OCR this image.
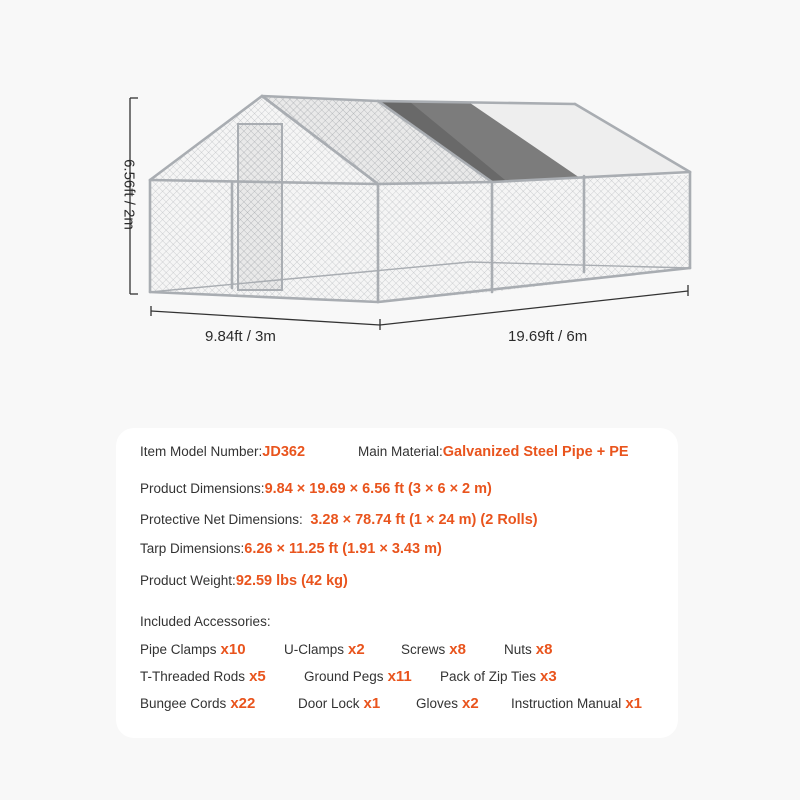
6.56ft / 2m
9.84ft / 3m	19.69ft / 6m
Item Model Number:JD362	Main Material:Galvanized Steel Pipe + PE
Product Dimensions:9.84 × 19.69 × 6.56 ft (3 × 6 × 2 m)
Protective Net Dimensions: 3.28 × 78.74 ft (1 × 24 m) (2 Rolls)
Tarp Dimensions:6.26 × 11.25 ft (1.91 × 3.43 m)
Product Weight:92.59 lbs (42 kg)
Included Accessories:
Pipe Clamps x10	U-Clamps x2	Screws x8	Nuts x8
T-Threaded Rods x5	Ground Pegs x11 Pack of Zip Ties x3
Bungee Cords x22	Door Lock x1	Gloves x2 Instruction Manual x1
